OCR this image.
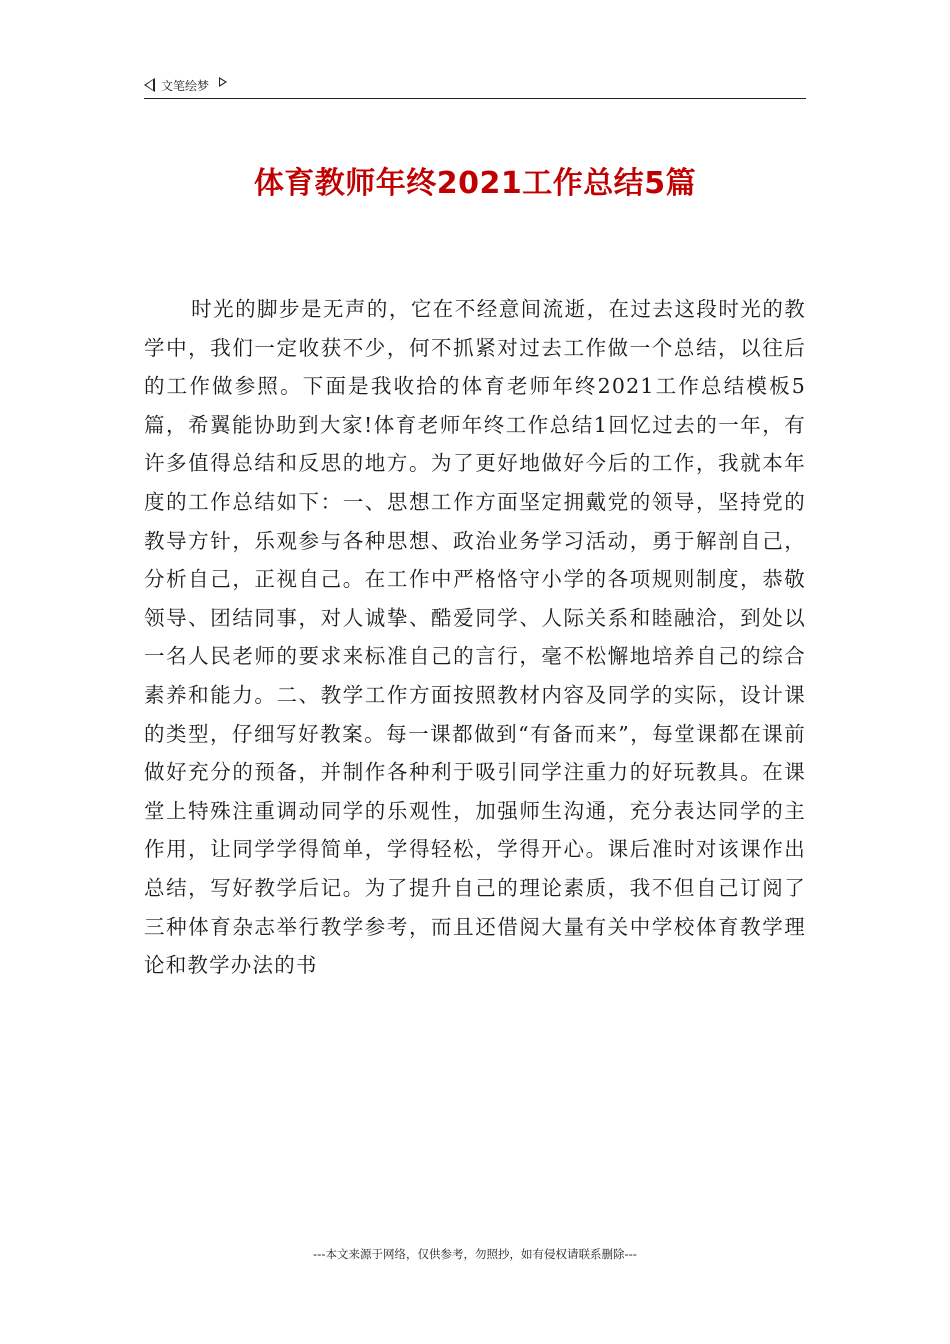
文笔绘梦
体育教师年终2021工作总结5篇

时光的脚步是无声的，它在不经意间流逝，在过去这段时光的教学中，我们一定收获不少，何不抓紧对过去工作做一个总结，以往后的工作做参照。下面是我收拾的体育老师年终2021工作总结模板5篇，希翼能协助到大家!体育老师年终工作总结1回忆过去的一年，有许多值得总结和反思的地方。为了更好地做好今后的工作，我就本年度的工作总结如下：一、思想工作方面坚定拥戴党的领导，坚持党的教导方针，乐观参与各种思想、政治业务学习活动，勇于解剖自己，分析自己，正视自己。在工作中严格恪守小学的各项规则制度，恭敬领导、团结同事，对人诚挚、酷爱同学、人际关系和睦融洽，到处以一名人民老师的要求来标准自己的言行，毫不松懈地培养自己的综合素养和能力。二、教学工作方面按照教材内容及同学的实际，设计课的类型，仔细写好教案。每一课都做到“有备而来”，每堂课都在课前做好充分的预备，并制作各种利于吸引同学注重力的好玩教具。在课堂上特殊注重调动同学的乐观性，加强师生沟通，充分表达同学的主作用，让同学学得简单，学得轻松，学得开心。课后准时对该课作出总结，写好教学后记。为了提升自己的理论素质，我不但自己订阅了三种体育杂志举行教学参考，而且还借阅大量有关中学校体育教学理论和教学办法的书

---本文来源于网络，仅供参考，勿照抄，如有侵权请联系删除---
